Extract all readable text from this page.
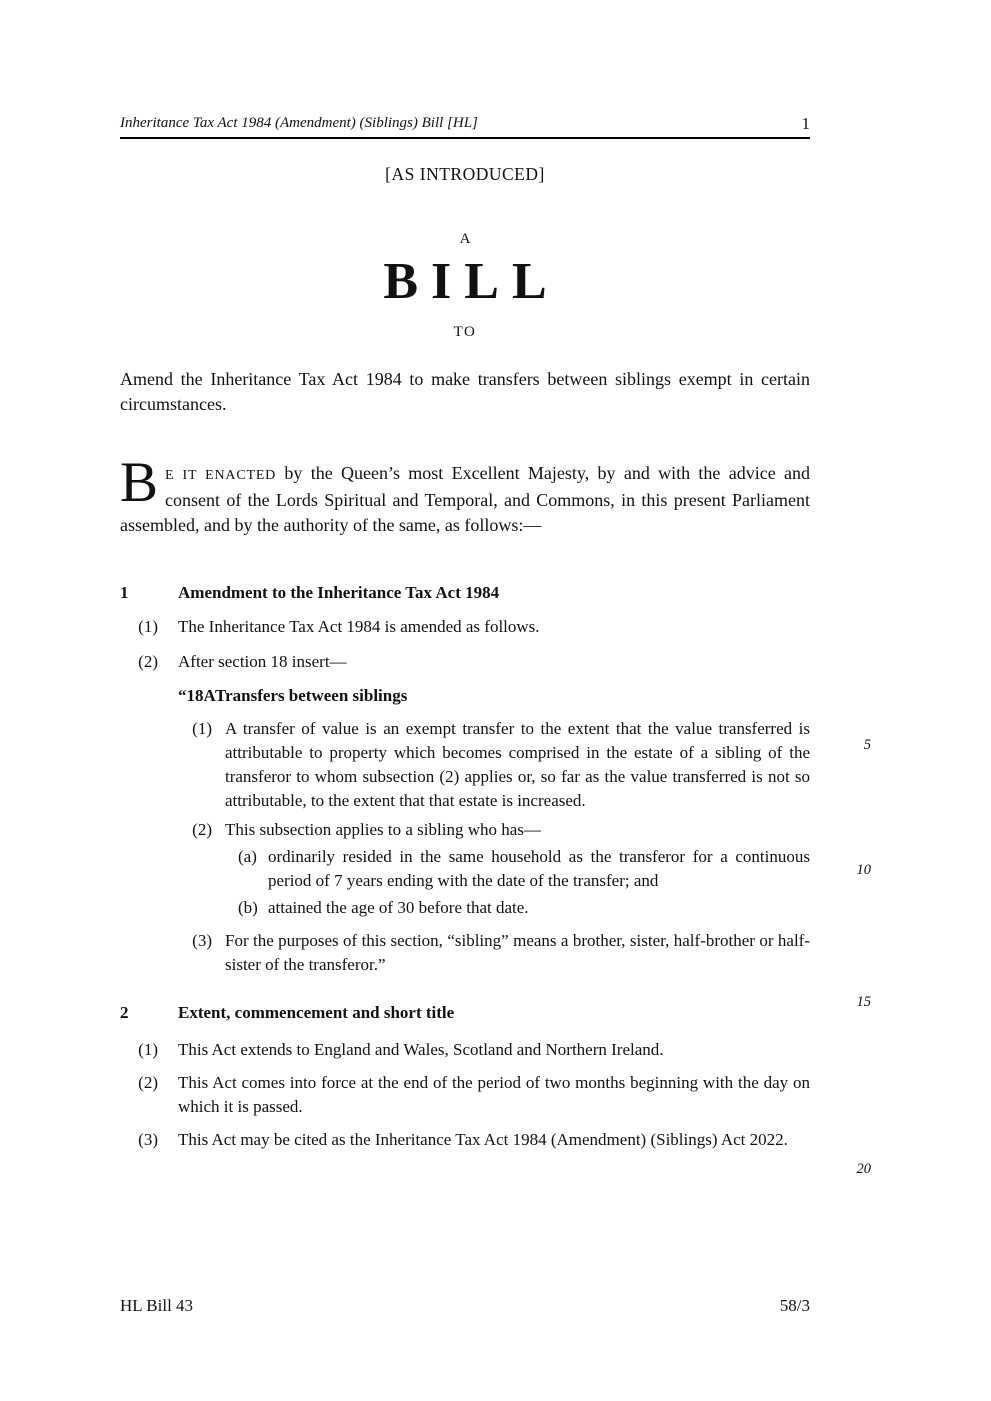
Inheritance Tax Act 1984 (Amendment) (Siblings) Bill [HL]	1
[AS INTRODUCED]
A
BILL
TO
Amend the Inheritance Tax Act 1984 to make transfers between siblings exempt in certain circumstances.
B E IT ENACTED by the Queen’s most Excellent Majesty, by and with the advice and consent of the Lords Spiritual and Temporal, and Commons, in this present Parliament assembled, and by the authority of the same, as follows:—
1	Amendment to the Inheritance Tax Act 1984
(1)	The Inheritance Tax Act 1984 is amended as follows.
(2)	After section 18 insert—
“18A Transfers between siblings
(1) A transfer of value is an exempt transfer to the extent that the value transferred is attributable to property which becomes comprised in the estate of a sibling of the transferor to whom subsection (2) applies or, so far as the value transferred is not so attributable, to the extent that that estate is increased.
(2) This subsection applies to a sibling who has—
(a) ordinarily resided in the same household as the transferor for a continuous period of 7 years ending with the date of the transfer; and
(b) attained the age of 30 before that date.
(3) For the purposes of this section, “sibling” means a brother, sister, half-brother or half-sister of the transferor.”
2	Extent, commencement and short title
(1)	This Act extends to England and Wales, Scotland and Northern Ireland.
(2)	This Act comes into force at the end of the period of two months beginning with the day on which it is passed.
(3)	This Act may be cited as the Inheritance Tax Act 1984 (Amendment) (Siblings) Act 2022.
5
10
15
20
HL Bill 43	58/3
